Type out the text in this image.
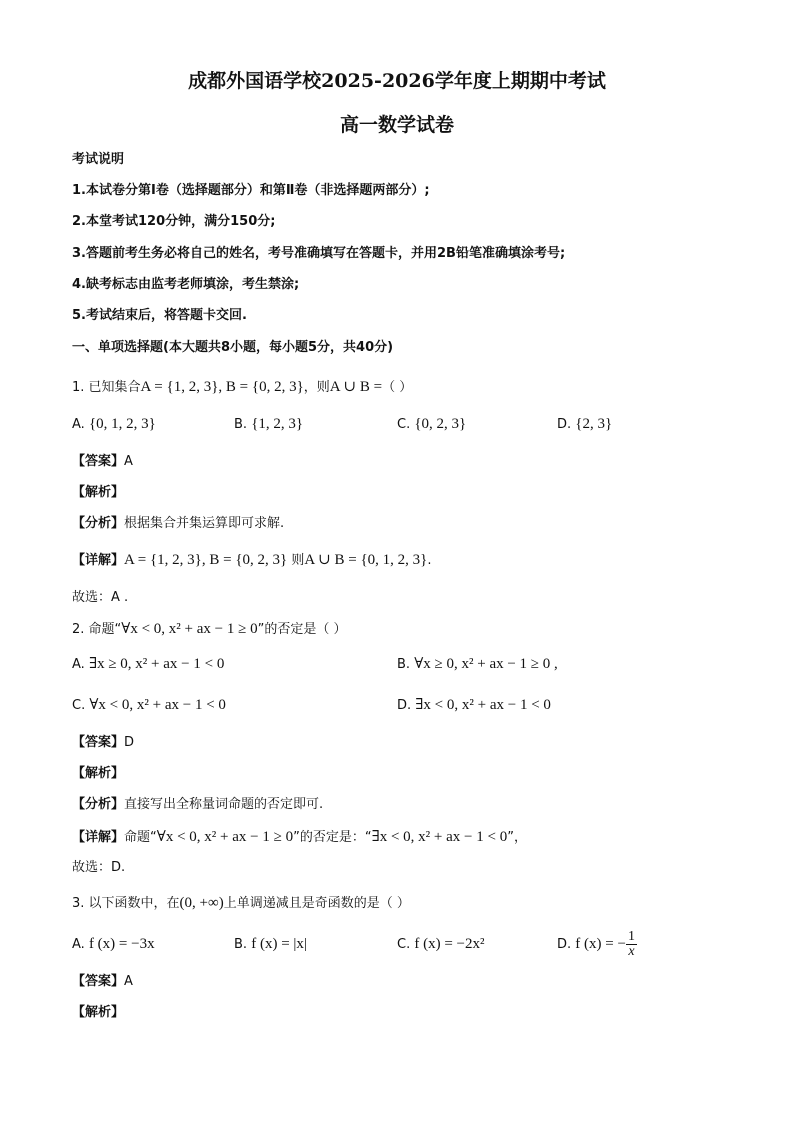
成都外国语学校2025-2026学年度上期期中考试
高一数学试卷
考试说明
1.本试卷分第Ⅰ卷（选择题部分）和第Ⅱ卷（非选择题两部分）;
2.本堂考试120分钟，满分150分;
3.答题前考生务必将自己的姓名，考号准确填写在答题卡，并用2B铅笔准确填涂考号;
4.缺考标志由监考老师填涂，考生禁涂;
5.考试结束后，将答题卡交回.
一、单项选择题(本大题共8小题，每小题5分，共40分)
1. 已知集合A = {1, 2, 3}, B = {0, 2, 3}，则A ∪ B =（ ）
A. {0, 1, 2, 3}	B. {1, 2, 3}	C. {0, 2, 3}	D. {2, 3}
【答案】A
【解析】
【分析】根据集合并集运算即可求解.
【详解】A = {1, 2, 3}, B = {0, 2, 3} 则A ∪ B = {0, 1, 2, 3}.
故选：A .
2. 命题“∀x < 0, x² + ax − 1 ≥ 0”的否定是（ ）
A. ∃x ≥ 0, x² + ax − 1 < 0	B. ∀x ≥ 0, x² + ax − 1 ≥ 0 ,
C. ∀x < 0, x² + ax − 1 < 0	D. ∃x < 0, x² + ax − 1 < 0
【答案】D
【解析】
【分析】直接写出全称量词命题的否定即可.
【详解】命题“∀x < 0, x² + ax − 1 ≥ 0”的否定是：“∃x < 0, x² + ax − 1 < 0”，
故选：D.
3. 以下函数中，在(0, +∞)上单调递减且是奇函数的是（ ）
A. f (x) = −3x	B. f (x) = |x|	C. f (x) = −2x²	D. f (x) = − $\frac{1}{x}$
【答案】A
【解析】
